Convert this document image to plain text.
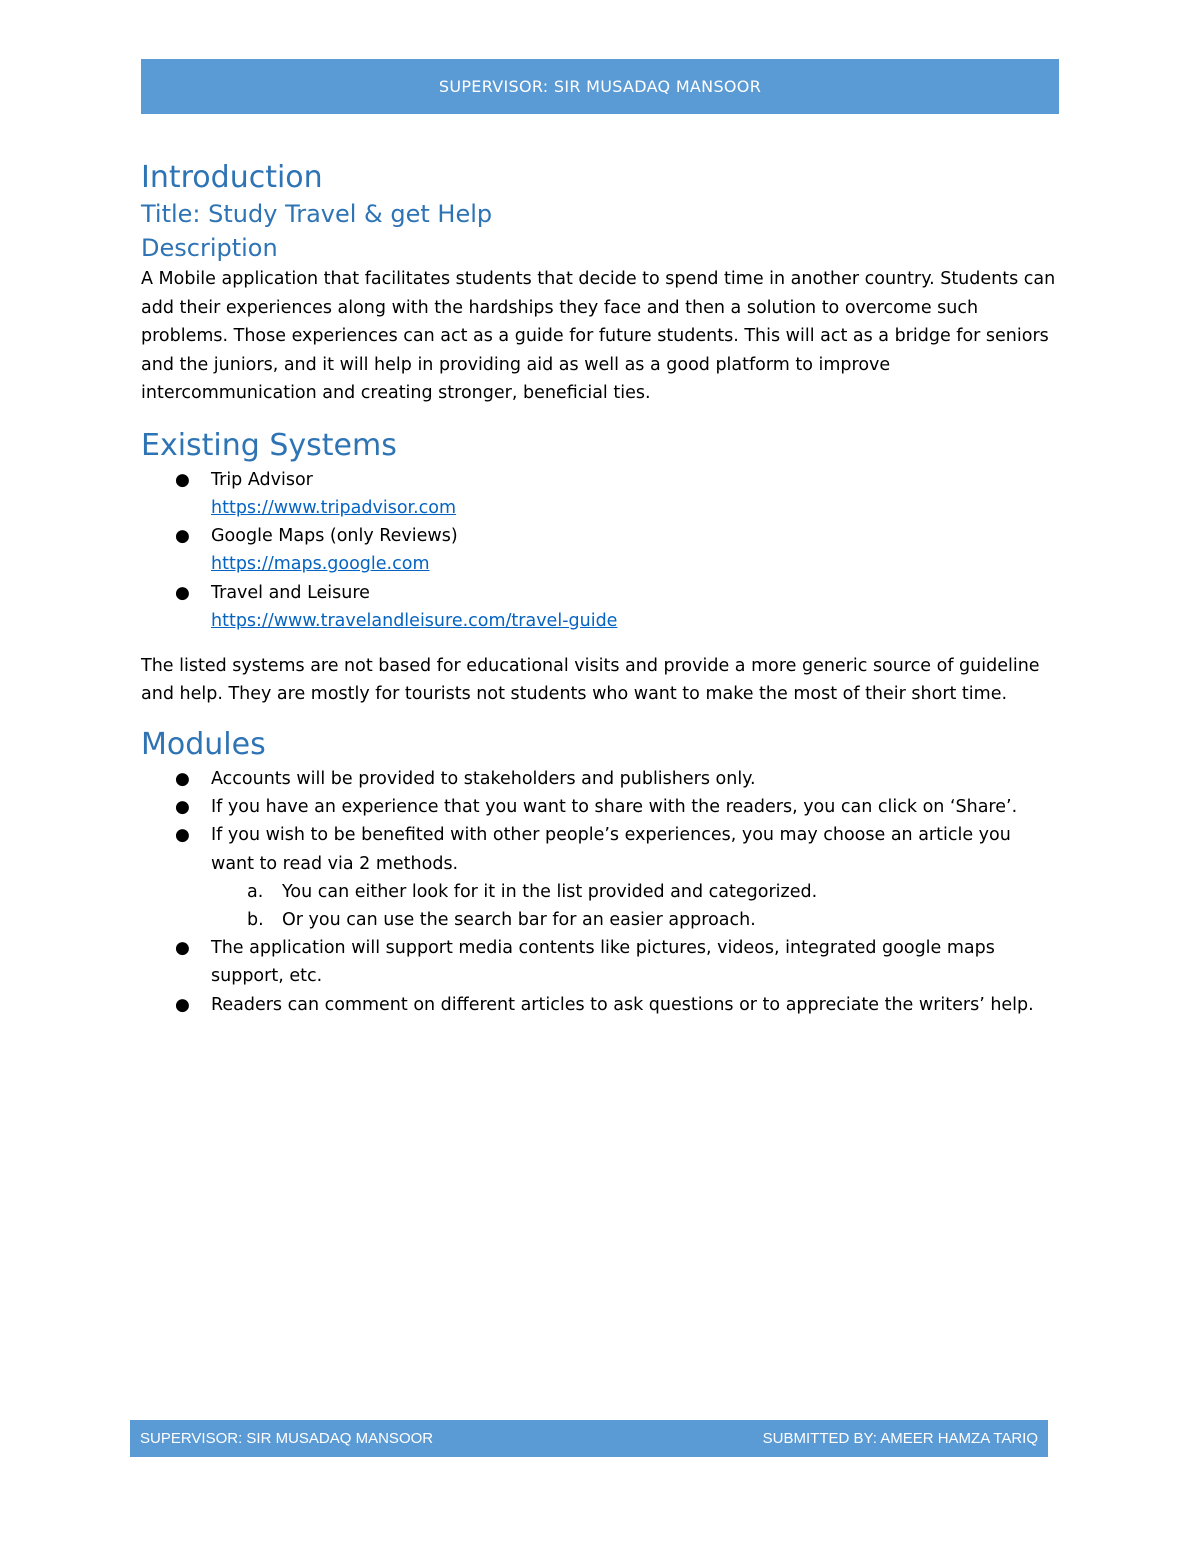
SUPERVISOR: SIR MUSADAQ MANSOOR
Introduction
Title: Study Travel & get Help
Description

A Mobile application that facilitates students that decide to spend time in another country. Students can add their experiences along with the hardships they face and then a solution to overcome such problems. Those experiences can act as a guide for future students. This will act as a bridge for seniors and the juniors, and it will help in providing aid as well as a good platform to improve intercommunication and creating stronger, beneficial ties.

Existing Systems
● Trip Advisor
https://www.tripadvisor.com
● Google Maps (only Reviews)
https://maps.google.com
● Travel and Leisure
https://www.travelandleisure.com/travel-guide

The listed systems are not based for educational visits and provide a more generic source of guideline and help. They are mostly for tourists not students who want to make the most of their short time.

Modules
● Accounts will be provided to stakeholders and publishers only.
● If you have an experience that you want to share with the readers, you can click on ‘Share’.
● If you wish to be benefited with other people’s experiences, you may choose an article you want to read via 2 methods.
a. You can either look for it in the list provided and categorized.
b. Or you can use the search bar for an easier approach.
● The application will support media contents like pictures, videos, integrated google maps support, etc.
● Readers can comment on different articles to ask questions or to appreciate the writers’ help.
SUPERVISOR: SIR MUSADAQ MANSOOR	SUBMITTED BY: AMEER HAMZA TARIQ
